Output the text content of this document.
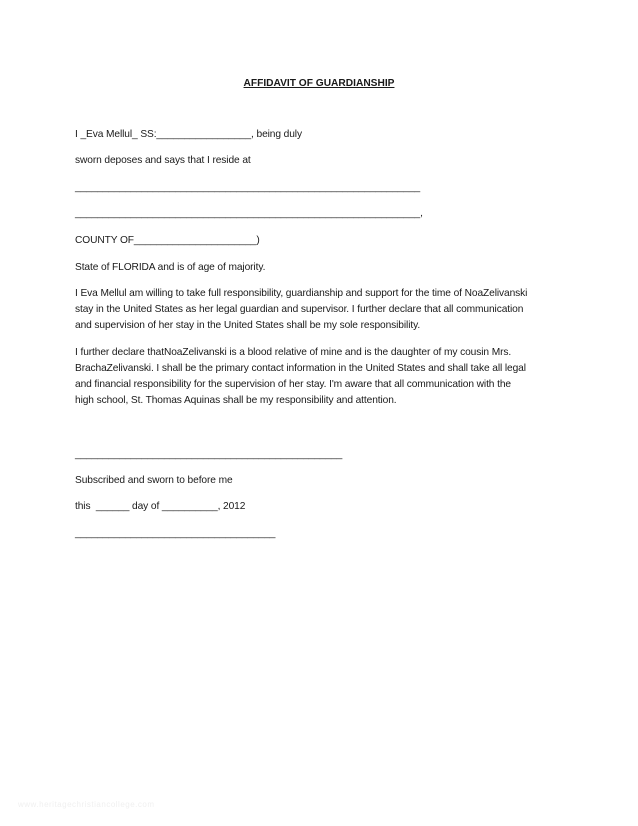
AFFIDAVIT OF GUARDIANSHIP
I _Eva Mellul_ SS:_________________, being duly
sworn deposes and says that I reside at
______________________________________________________________
______________________________________________________________,
COUNTY OF______________________)
State of FLORIDA and is of age of majority.
I Eva Mellul am willing to take full responsibility, guardianship and support for the time of NoaZelivanski
stay in the United States as her legal guardian and supervisor. I further declare that all communication
and supervision of her stay in the United States shall be my sole responsibility.
I further declare thatNoaZelivanski is a blood relative of mine and is the daughter of my cousin Mrs.
BrachaZelivanski. I shall be the primary contact information in the United States and shall take all legal
and financial responsibility for the supervision of her stay. I'm aware that all communication with the
high school, St. Thomas Aquinas shall be my responsibility and attention.
________________________________________________
Subscribed and sworn to before me
this  ______ day of __________, 2012
____________________________________
www.heritagechristiancollege.com
